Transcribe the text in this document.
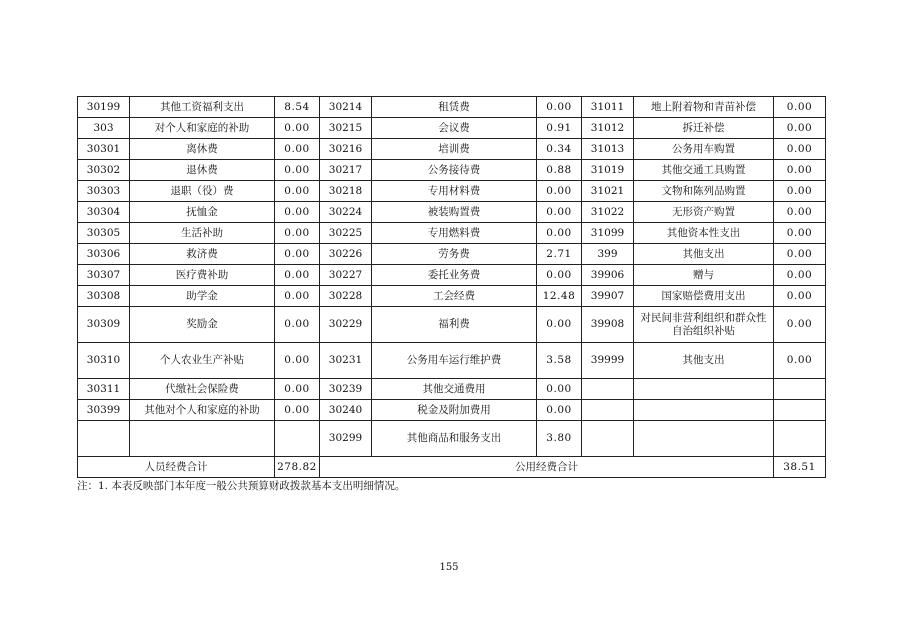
30199	其他工资福利支出	8.54	30214	租赁费	0.00	31011	地上附着物和青苗补偿	0.00
303	对个人和家庭的补助	0.00	30215	会议费	0.91	31012	拆迁补偿	0.00
30301	离休费	0.00	30216	培训费	0.34	31013	公务用车购置	0.00
30302	退休费	0.00	30217	公务接待费	0.88	31019	其他交通工具购置	0.00
30303	退职（役）费	0.00	30218	专用材料费	0.00	31021	文物和陈列品购置	0.00
30304	抚恤金	0.00	30224	被装购置费	0.00	31022	无形资产购置	0.00
30305	生活补助	0.00	30225	专用燃料费	0.00	31099	其他资本性支出	0.00
30306	救济费	0.00	30226	劳务费	2.71	399	其他支出	0.00
30307	医疗费补助	0.00	30227	委托业务费	0.00	39906	赠与	0.00
30308	助学金	0.00	30228	工会经费	12.48	39907	国家赔偿费用支出	0.00
30309	奖励金	0.00	30229	福利费	0.00	39908	对民间非营利组织和群众性自治组织补贴	0.00
30310	个人农业生产补贴	0.00	30231	公务用车运行维护费	3.58	39999	其他支出	0.00
30311	代缴社会保险费	0.00	30239	其他交通费用	0.00			
30399	其他对个人和家庭的补助	0.00	30240	税金及附加费用	0.00			
			30299	其他商品和服务支出	3.80			
人员经费合计		278.82	公用经费合计					38.51
注：1. 本表反映部门本年度一般公共预算财政拨款基本支出明细情况。
155
